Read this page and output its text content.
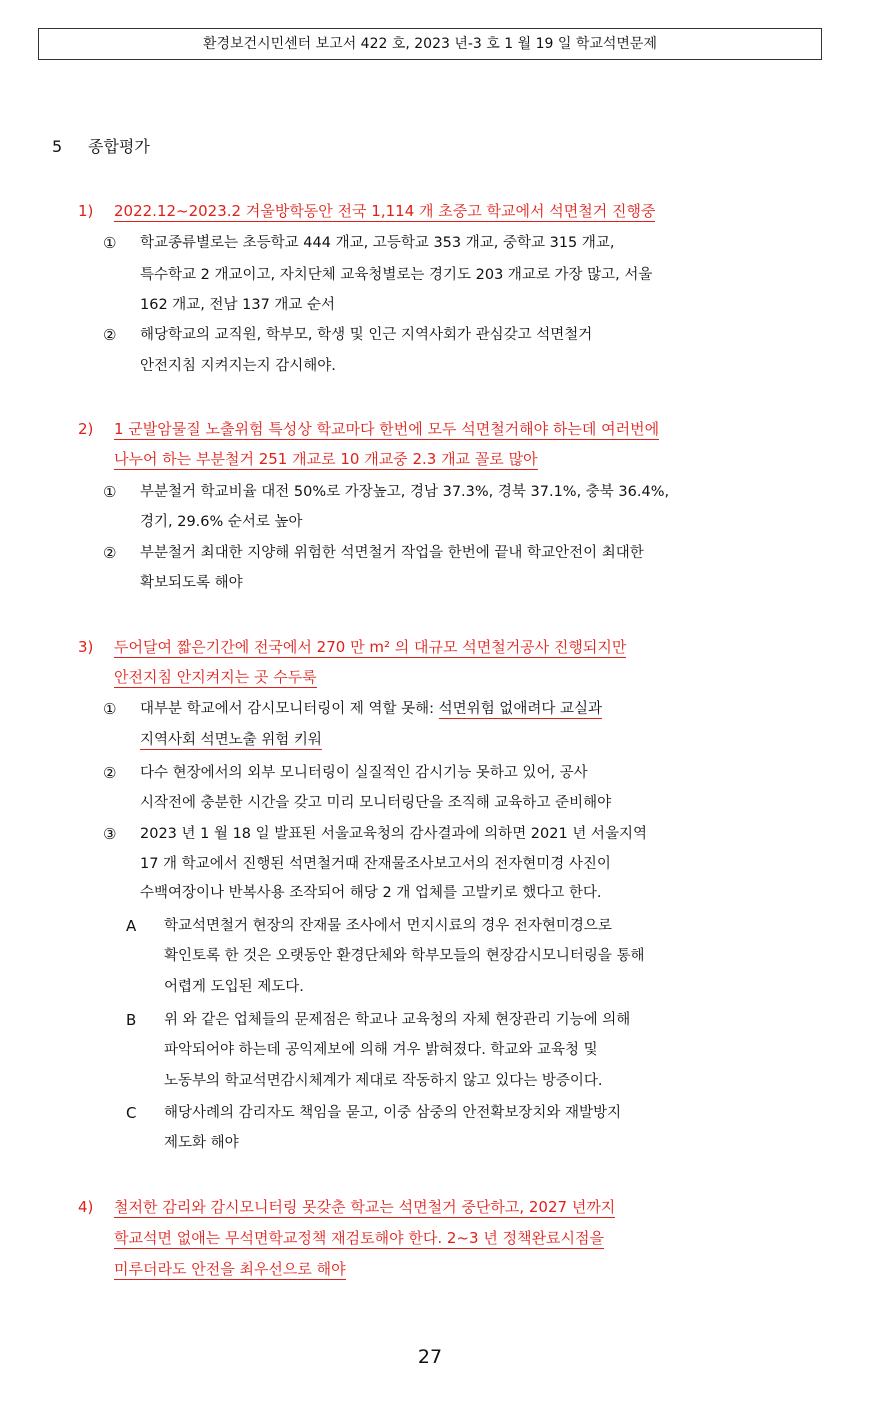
환경보건시민센터 보고서 422 호, 2023 년-3 호 1 월 19 일 학교석면문제
5 종합평가
1) 2022.12~2023.2 겨울방학동안 전국 1,114 개 초중고 학교에서 석면철거 진행중
① 학교종류별로는 초등학교 444 개교, 고등학교 353 개교, 중학교 315 개교,
특수학교 2 개교이고, 자치단체 교육청별로는 경기도 203 개교로 가장 많고, 서울
162 개교, 전남 137 개교 순서
② 해당학교의 교직원, 학부모, 학생 및 인근 지역사회가 관심갖고 석면철거
안전지침 지켜지는지 감시해야.
2) 1 군발암물질 노출위험 특성상 학교마다 한번에 모두 석면철거해야 하는데 여러번에
나누어 하는 부분철거 251 개교로 10 개교중 2.3 개교 꼴로 많아
① 부분철거 학교비율 대전 50%로 가장높고, 경남 37.3%, 경북 37.1%, 충북 36.4%,
경기, 29.6% 순서로 높아
② 부분철거 최대한 지양해 위험한 석면철거 작업을 한번에 끝내 학교안전이 최대한
확보되도록 해야
3) 두어달여 짧은기간에 전국에서 270 만 m² 의 대규모 석면철거공사 진행되지만
안전지침 안지켜지는 곳 수두룩
① 대부분 학교에서 감시모니터링이 제 역할 못해: 석면위험 없애려다 교실과
지역사회 석면노출 위험 키워
② 다수 현장에서의 외부 모니터링이 실질적인 감시기능 못하고 있어, 공사
시작전에 충분한 시간을 갖고 미리 모니터링단을 조직해 교육하고 준비해야
③ 2023 년 1 월 18 일 발표된 서울교육청의 감사결과에 의하면 2021 년 서울지역
17 개 학교에서 진행된 석면철거때 잔재물조사보고서의 전자현미경 사진이
수백여장이나 반복사용 조작되어 해당 2 개 업체를 고발키로 했다고 한다.
A 학교석면철거 현장의 잔재물 조사에서 먼지시료의 경우 전자현미경으로
확인토록 한 것은 오랫동안 환경단체와 학부모들의 현장감시모니터링을 통해
어렵게 도입된 제도다.
B 위 와 같은 업체들의 문제점은 학교나 교육청의 자체 현장관리 기능에 의해
파악되어야 하는데 공익제보에 의해 겨우 밝혀졌다. 학교와 교육청 및
노동부의 학교석면감시체계가 제대로 작동하지 않고 있다는 방증이다.
C 해당사례의 감리자도 책임을 묻고, 이중 삼중의 안전확보장치와 재발방지
제도화 해야
4) 철저한 감리와 감시모니터링 못갖춘 학교는 석면철거 중단하고, 2027 년까지
학교석면 없애는 무석면학교정책 재검토해야 한다. 2~3 년 정책완료시점을
미루더라도 안전을 최우선으로 해야
27
